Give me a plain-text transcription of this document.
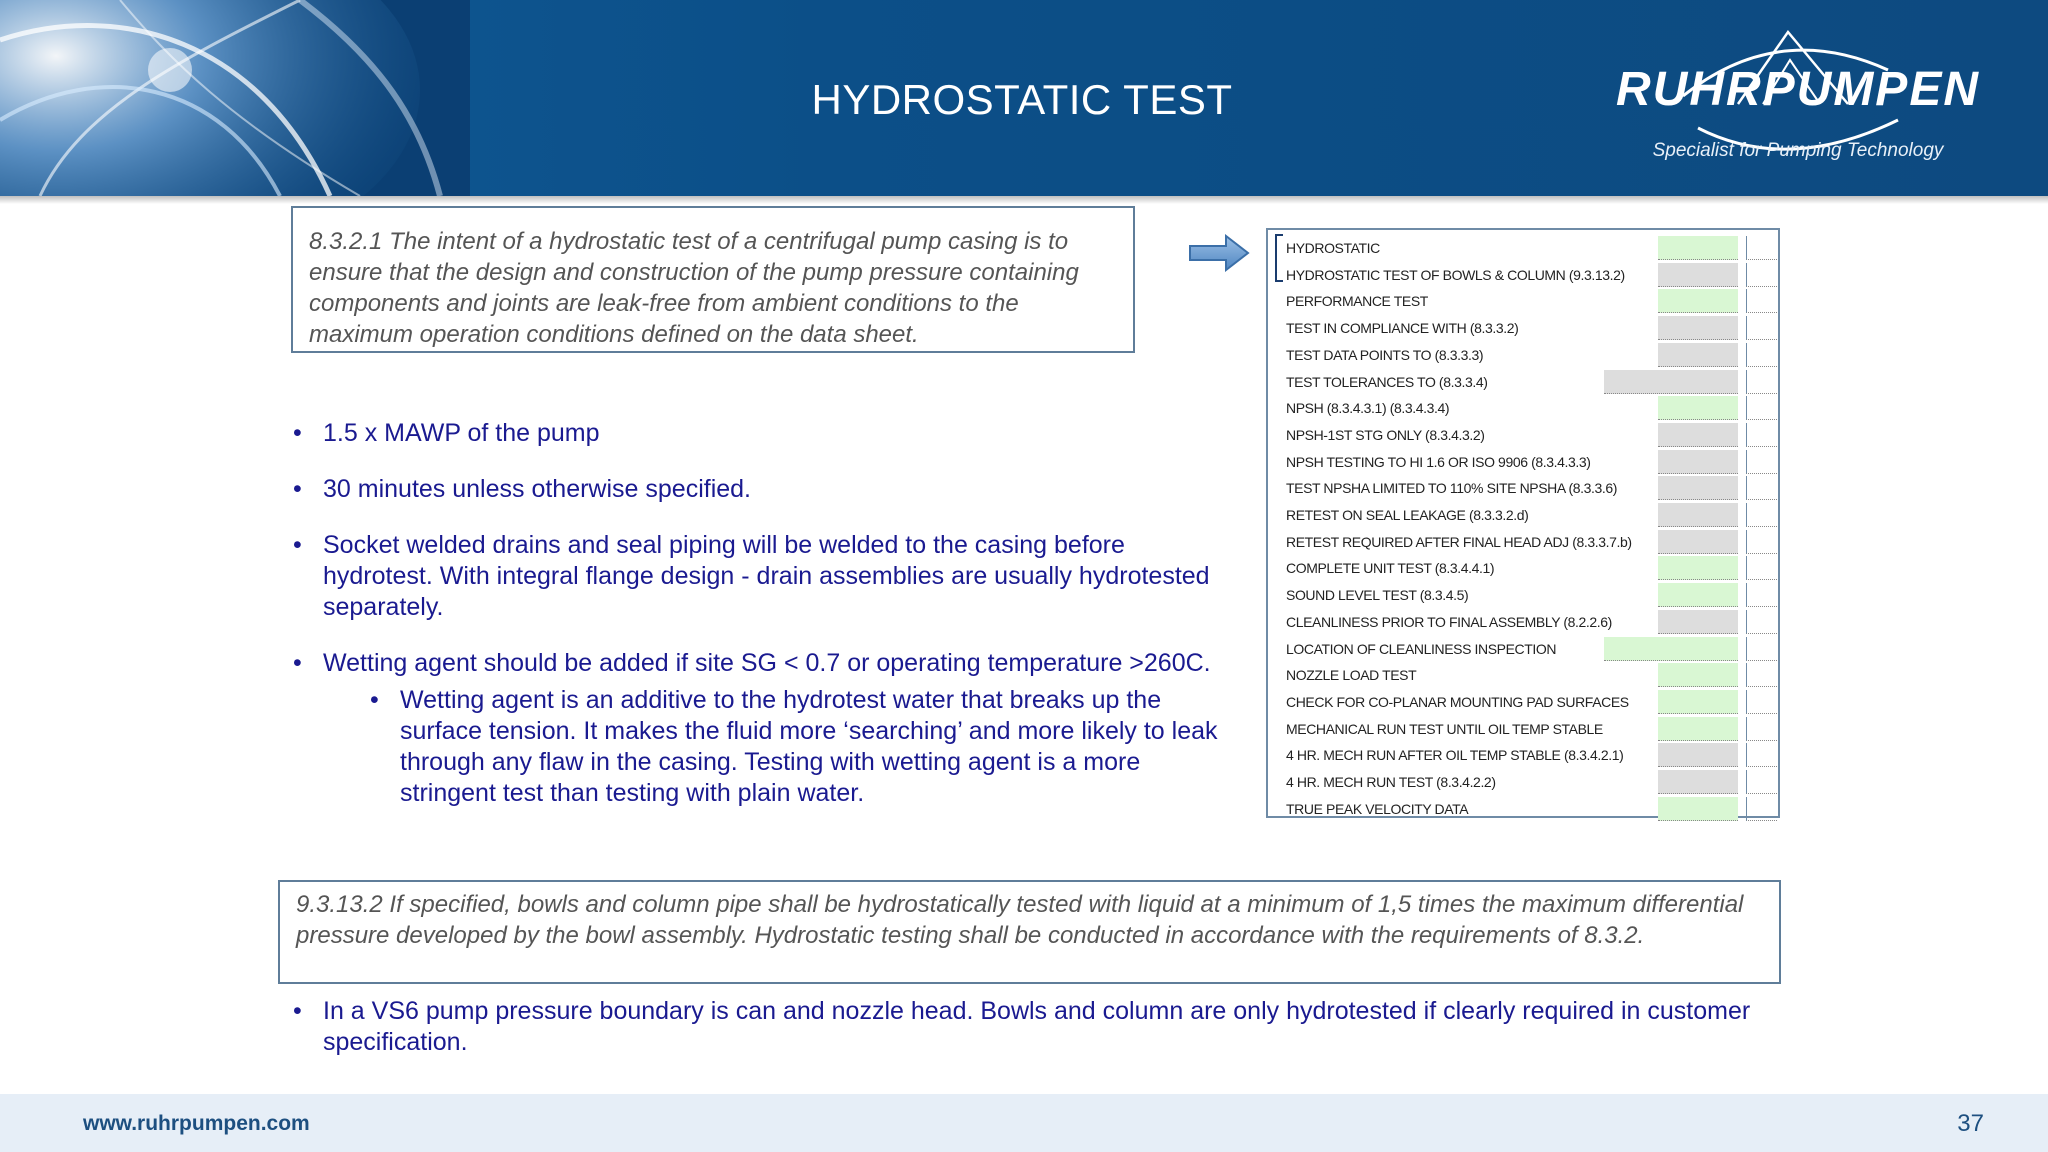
HYDROSTATIC TEST	RUHRPUMPEN
Specialist for Pumping Technology
8.3.2.1 The intent of a hydrostatic test of a centrifugal pump casing is to ensure that the design and construction of the pump pressure containing components and joints are leak-free from ambient conditions to the maximum operation conditions defined on the data sheet.
• 1.5 x MAWP of the pump
• 30 minutes unless otherwise specified.
• Socket welded drains and seal piping will be welded to the casing before hydrotest. With integral flange design - drain assemblies are usually hydrotested separately.
• Wetting agent should be added if site SG < 0.7 or operating temperature >260C.
• Wetting agent is an additive to the hydrotest water that breaks up the surface tension. It makes the fluid more ‘searching’ and more likely to leak through any flaw in the casing. Testing with wetting agent is a more stringent test than testing with plain water.
HYDROSTATIC
HYDROSTATIC TEST OF BOWLS & COLUMN (9.3.13.2)
PERFORMANCE TEST
TEST IN COMPLIANCE WITH (8.3.3.2)
TEST DATA POINTS TO (8.3.3.3)
TEST TOLERANCES TO (8.3.3.4)
NPSH (8.3.4.3.1) (8.3.4.3.4)
NPSH-1ST STG ONLY (8.3.4.3.2)
NPSH TESTING TO HI 1.6 OR ISO 9906 (8.3.4.3.3)
TEST NPSHA LIMITED TO 110% SITE NPSHA (8.3.3.6)
RETEST ON SEAL LEAKAGE (8.3.3.2.d)
RETEST REQUIRED AFTER FINAL HEAD ADJ (8.3.3.7.b)
COMPLETE UNIT TEST (8.3.4.4.1)
SOUND LEVEL TEST (8.3.4.5)
CLEANLINESS PRIOR TO FINAL ASSEMBLY (8.2.2.6)
LOCATION OF CLEANLINESS INSPECTION
NOZZLE LOAD TEST
CHECK FOR CO-PLANAR MOUNTING PAD SURFACES
MECHANICAL RUN TEST UNTIL OIL TEMP STABLE
4 HR. MECH RUN AFTER OIL TEMP STABLE (8.3.4.2.1)
4 HR. MECH RUN TEST (8.3.4.2.2)
TRUE PEAK VELOCITY DATA
9.3.13.2 If specified, bowls and column pipe shall be hydrostatically tested with liquid at a minimum of 1,5 times the maximum differential pressure developed by the bowl assembly. Hydrostatic testing shall be conducted in accordance with the requirements of 8.3.2.
• In a VS6 pump pressure boundary is can and nozzle head. Bowls and column are only hydrotested if clearly required in customer specification.
www.ruhrpumpen.com	37
